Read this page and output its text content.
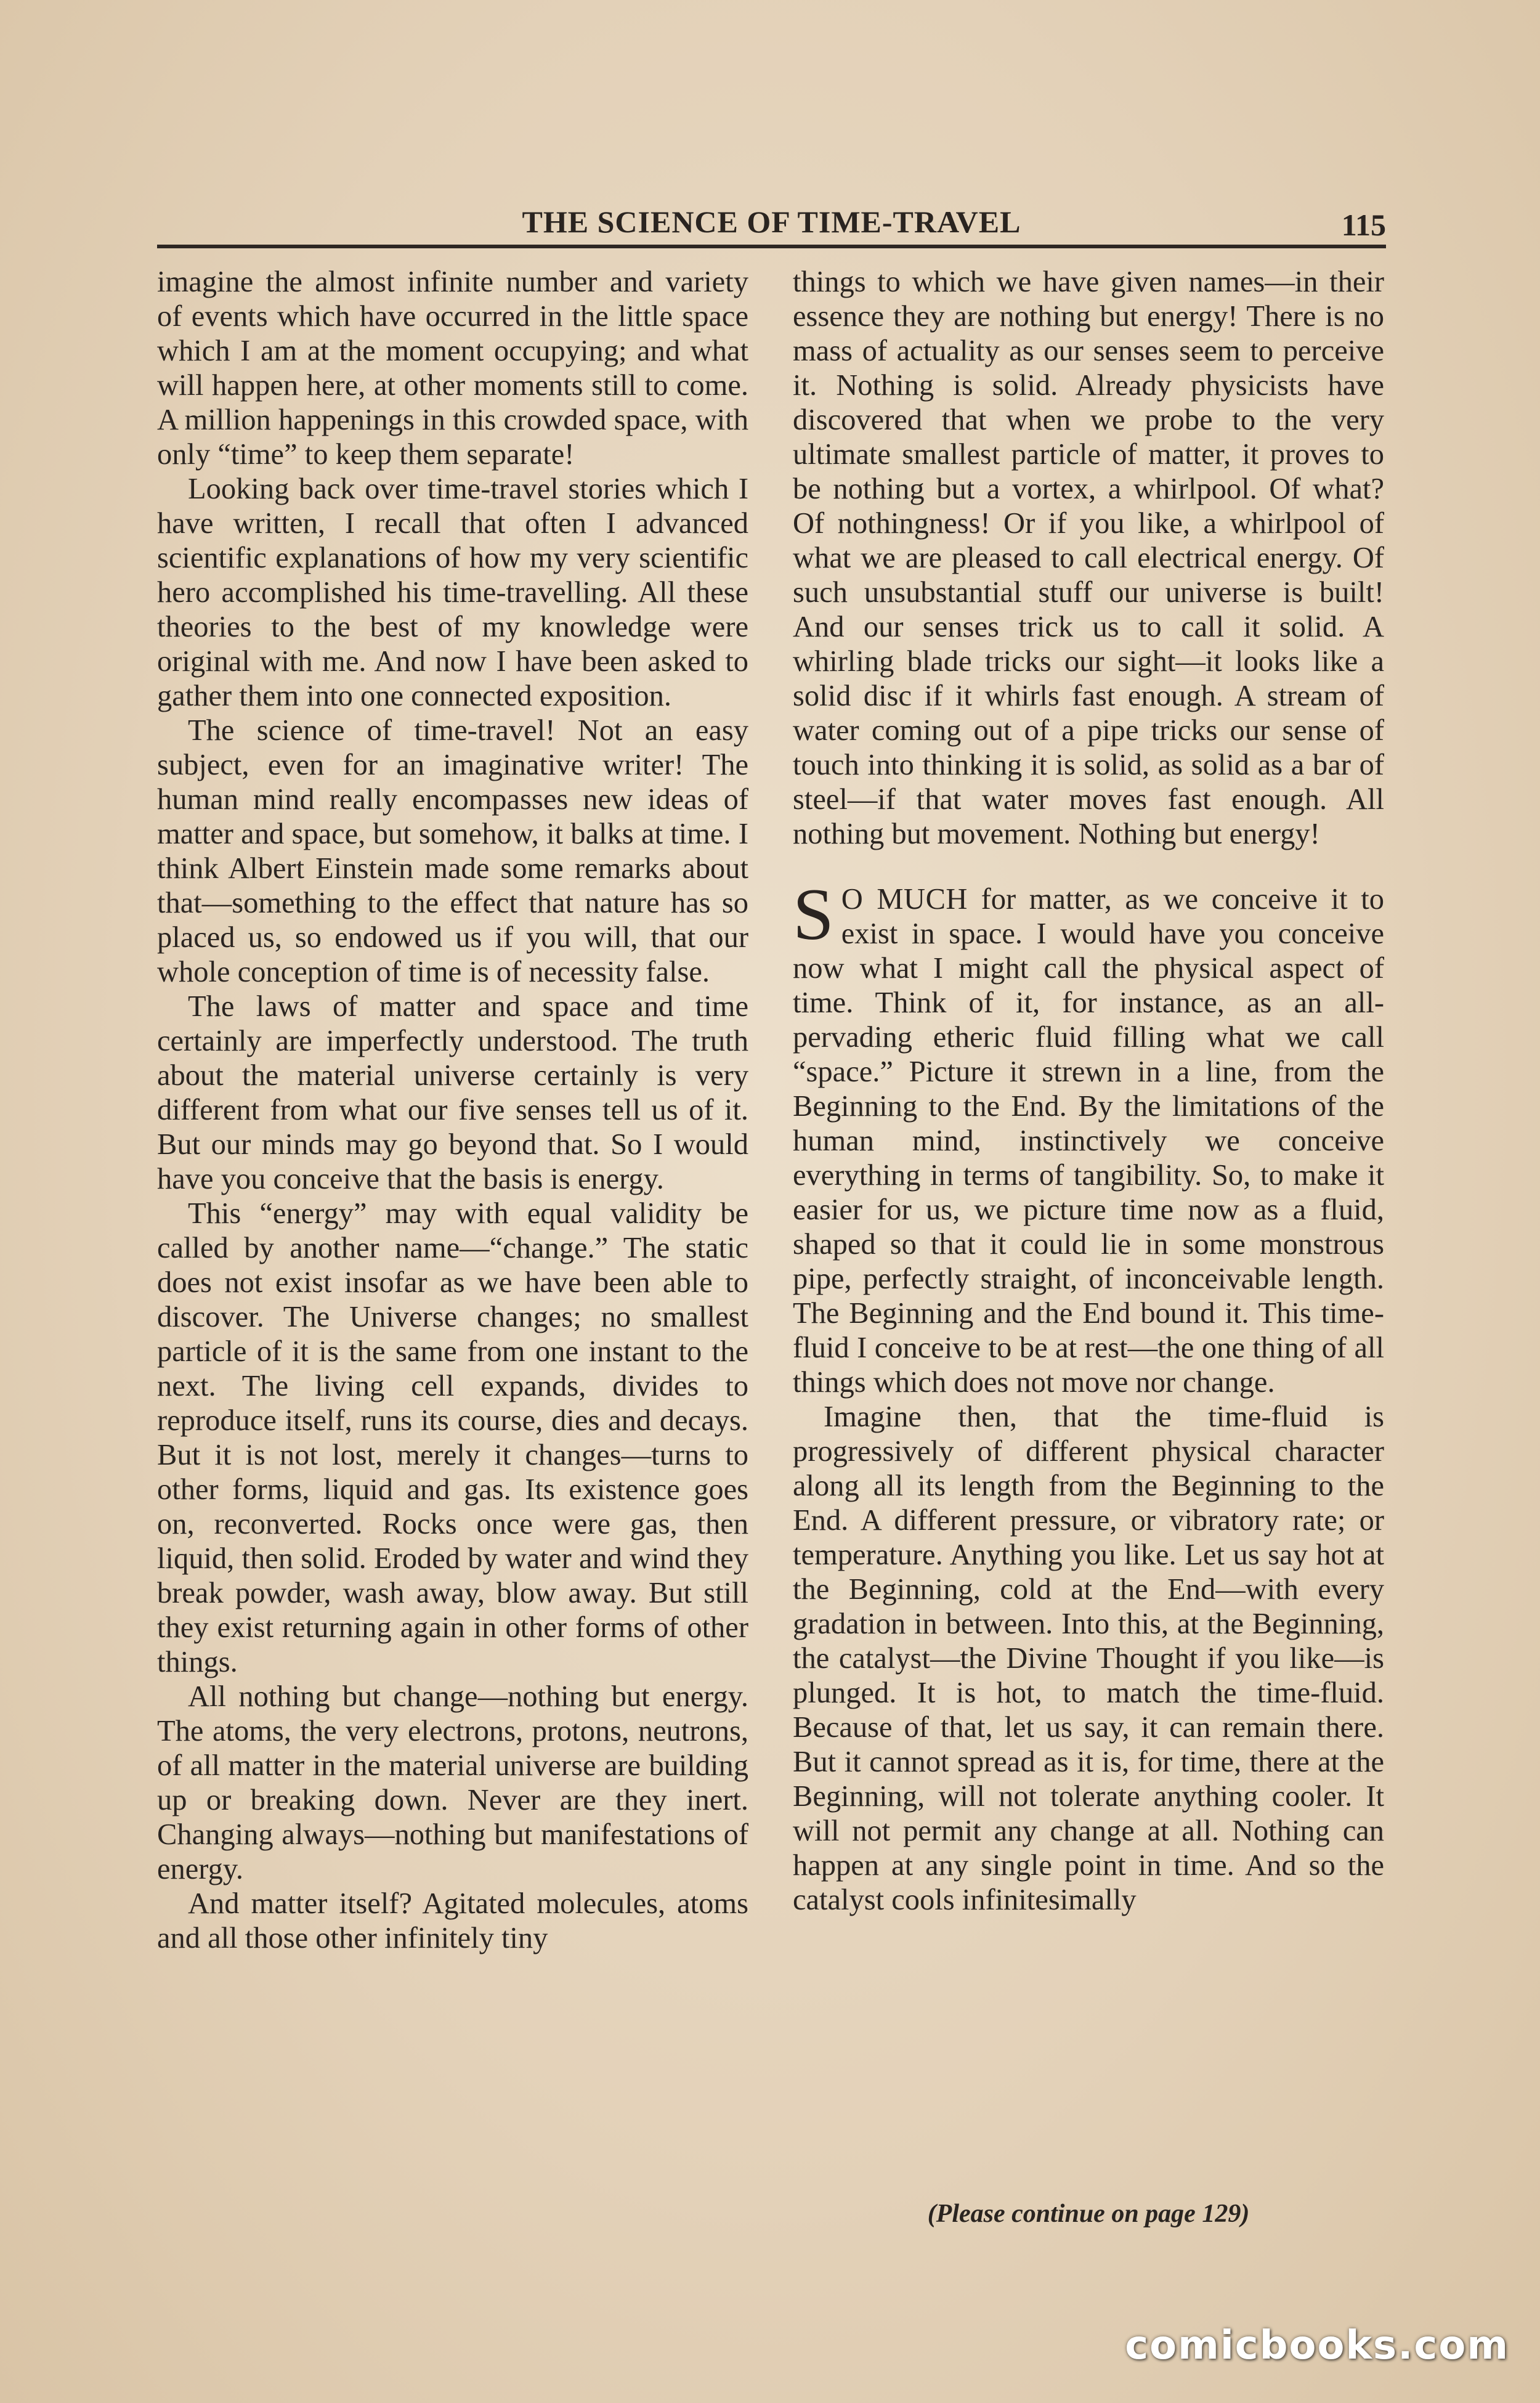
THE SCIENCE OF TIME-TRAVEL	115

imagine the almost infinite number and variety of events which have occurred in the little space which I am at the moment occupying; and what will happen here, at other moments still to come. A million happenings in this crowded space, with only “time” to keep them separate!

Looking back over time-travel stories which I have written, I recall that often I advanced scientific explanations of how my very scientific hero accomplished his time-travelling. All these theories to the best of my knowledge were original with me. And now I have been asked to gather them into one connected exposition.

The science of time-travel! Not an easy subject, even for an imaginative writer! The human mind really encompasses new ideas of matter and space, but somehow, it balks at time. I think Albert Einstein made some remarks about that—something to the effect that nature has so placed us, so endowed us if you will, that our whole conception of time is of necessity false.

The laws of matter and space and time certainly are imperfectly understood. The truth about the material universe certainly is very different from what our five senses tell us of it. But our minds may go beyond that. So I would have you conceive that the basis is energy.

This “energy” may with equal validity be called by another name—“change.” The static does not exist insofar as we have been able to discover. The Universe changes; no smallest particle of it is the same from one instant to the next. The living cell expands, divides to reproduce itself, runs its course, dies and decays. But it is not lost, merely it changes—turns to other forms, liquid and gas. Its existence goes on, reconverted. Rocks once were gas, then liquid, then solid. Eroded by water and wind they break powder, wash away, blow away. But still they exist returning again in other forms of other things.

All nothing but change—nothing but energy. The atoms, the very electrons, protons, neutrons, of all matter in the material universe are building up or breaking down. Never are they inert. Changing always—nothing but manifestations of energy.

And matter itself? Agitated molecules, atoms and all those other infinitely tiny

things to which we have given names—in their essence they are nothing but energy! There is no mass of actuality as our senses seem to perceive it. Nothing is solid. Already physicists have discovered that when we probe to the very ultimate smallest particle of matter, it proves to be nothing but a vortex, a whirlpool. Of what? Of nothingness! Or if you like, a whirlpool of what we are pleased to call electrical energy. Of such unsubstantial stuff our universe is built! And our senses trick us to call it solid. A whirling blade tricks our sight—it looks like a solid disc if it whirls fast enough. A stream of water coming out of a pipe tricks our sense of touch into thinking it is solid, as solid as a bar of steel—if that water moves fast enough. All nothing but movement. Nothing but energy!

S O MUCH for matter, as we conceive it to exist in space. I would have you conceive now what I might call the physical aspect of time. Think of it, for instance, as an all-pervading etheric fluid filling what we call “space.” Picture it strewn in a line, from the Beginning to the End. By the limitations of the human mind, instinctively we conceive everything in terms of tangibility. So, to make it easier for us, we picture time now as a fluid, shaped so that it could lie in some monstrous pipe, perfectly straight, of inconceivable length. The Beginning and the End bound it. This time-fluid I conceive to be at rest—the one thing of all things which does not move nor change.

Imagine then, that the time-fluid is progressively of different physical character along all its length from the Beginning to the End. A different pressure, or vibratory rate; or temperature. Anything you like. Let us say hot at the Beginning, cold at the End—with every gradation in between. Into this, at the Beginning, the catalyst—the Divine Thought if you like—is plunged. It is hot, to match the time-fluid. Because of that, let us say, it can remain there. But it cannot spread as it is, for time, there at the Beginning, will not tolerate anything cooler. It will not permit any change at all. Nothing can happen at any single point in time. And so the catalyst cools infinitesimally

(Please continue on page 129)
comicbooks.com
